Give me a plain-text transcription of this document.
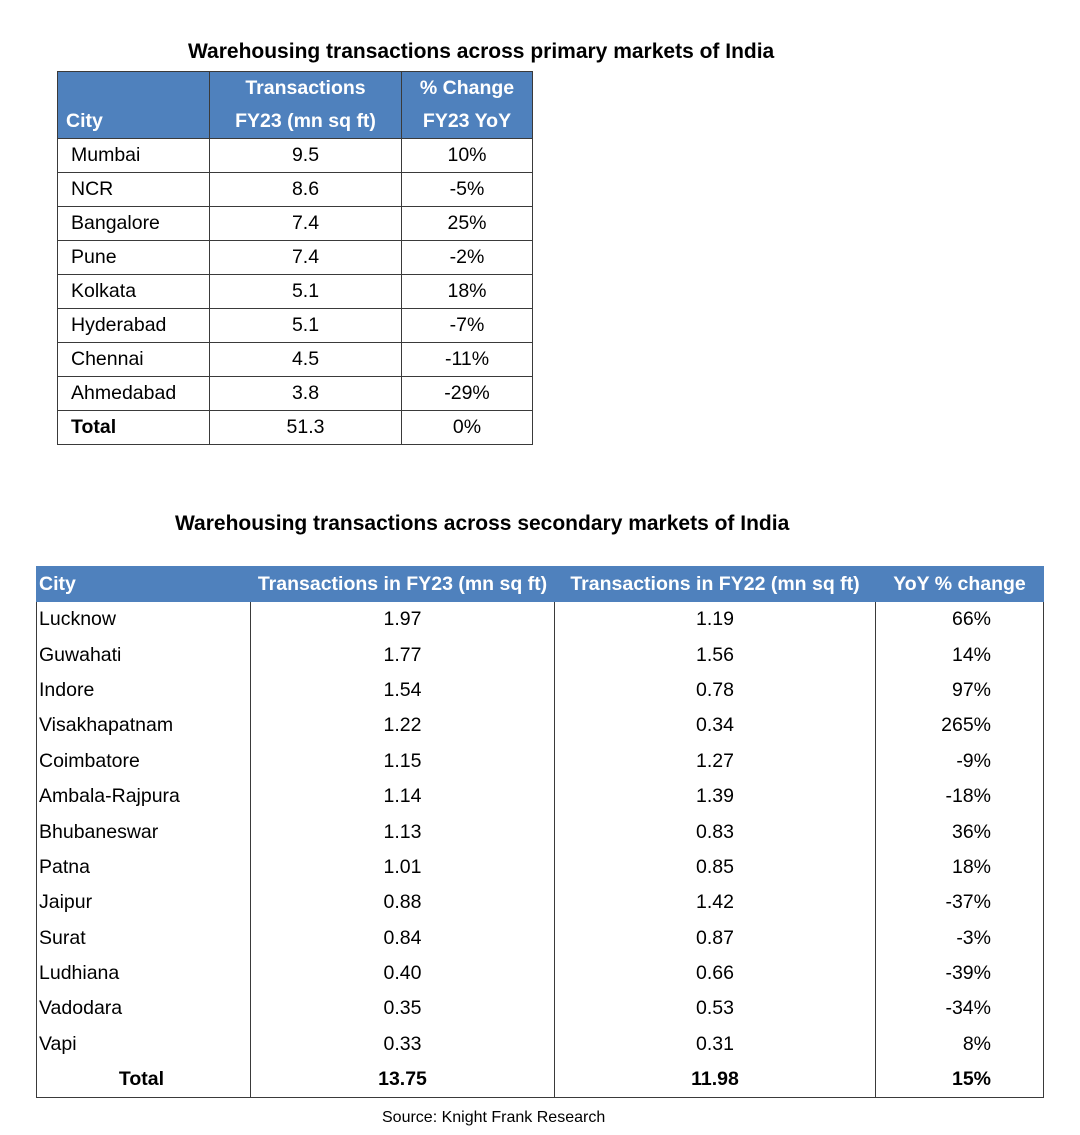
Warehousing transactions across primary markets of India
	Transactions	% Change
City	FY23 (mn sq ft)	FY23 YoY
Mumbai	9.5	10%
NCR	8.6	-5%
Bangalore	7.4	25%
Pune	7.4	-2%
Kolkata	5.1	18%
Hyderabad	5.1	-7%
Chennai	4.5	-11%
Ahmedabad	3.8	-29%
Total	51.3	0%
Warehousing transactions across secondary markets of India
City	Transactions in FY23 (mn sq ft)	Transactions in FY22 (mn sq ft)	YoY % change
Lucknow	1.97	1.19	66%
Guwahati	1.77	1.56	14%
Indore	1.54	0.78	97%
Visakhapatnam	1.22	0.34	265%
Coimbatore	1.15	1.27	-9%
Ambala-Rajpura	1.14	1.39	-18%
Bhubaneswar	1.13	0.83	36%
Patna	1.01	0.85	18%
Jaipur	0.88	1.42	-37%
Surat	0.84	0.87	-3%
Ludhiana	0.40	0.66	-39%
Vadodara	0.35	0.53	-34%
Vapi	0.33	0.31	8%
Total	13.75	11.98	15%
Source: Knight Frank Research
